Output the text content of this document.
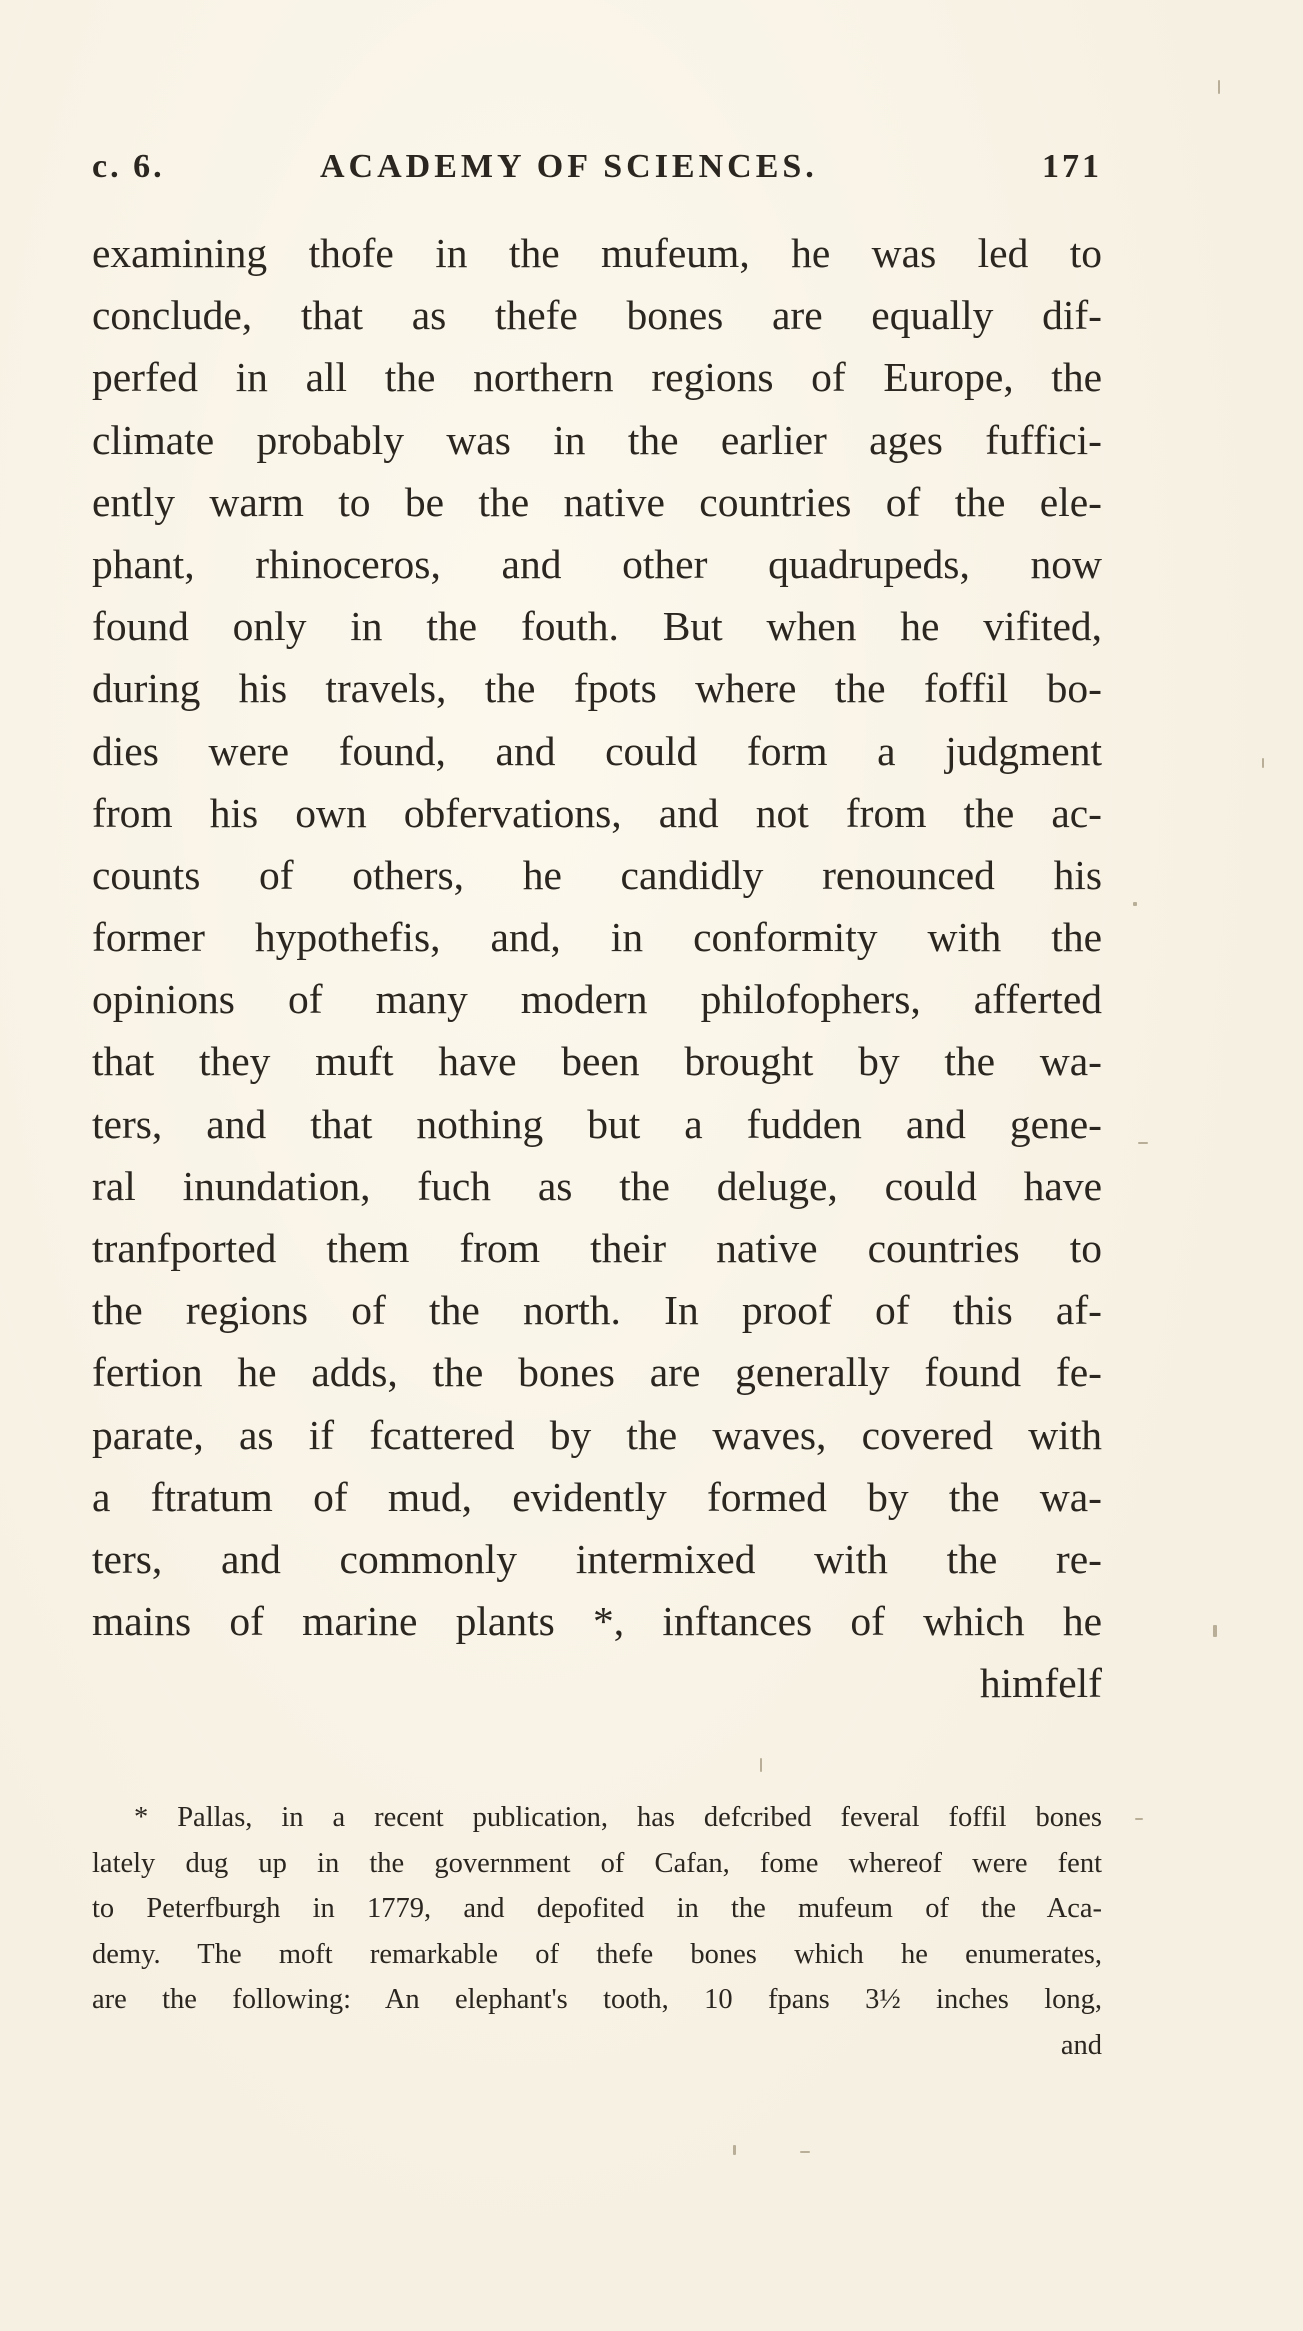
c. 6.	ACADEMY OF SCIENCES.	171
examining thofe in the mufeum, he was led to
conclude, that as thefe bones are equally dif-
perfed in all the northern regions of Europe, the
climate probably was in the earlier ages fuffici-
ently warm to be the native countries of the ele-
phant, rhinoceros, and other quadrupeds, now
found only in the fouth. But when he vifited,
during his travels, the fpots where the foffil bo-
dies were found, and could form a judgment
from his own obfervations, and not from the ac-
counts of others, he candidly renounced his
former hypothefis, and, in conformity with the
opinions of many modern philofophers, afferted
that they muft have been brought by the wa-
ters, and that nothing but a fudden and gene-
ral inundation, fuch as the deluge, could have
tranfported them from their native countries to
the regions of the north. In proof of this af-
fertion he adds, the bones are generally found fe-
parate, as if fcattered by the waves, covered with
a ftratum of mud, evidently formed by the wa-
ters, and commonly intermixed with the re-
mains of marine plants *, inftances of which he
himfelf
* Pallas, in a recent publication, has defcribed feveral foffil bones
lately dug up in the government of Cafan, fome whereof were fent
to Peterfburgh in 1779, and depofited in the mufeum of the Aca-
demy. The moft remarkable of thefe bones which he enumerates,
are the following: An elephant's tooth, 10 fpans 3½ inches long,
and
